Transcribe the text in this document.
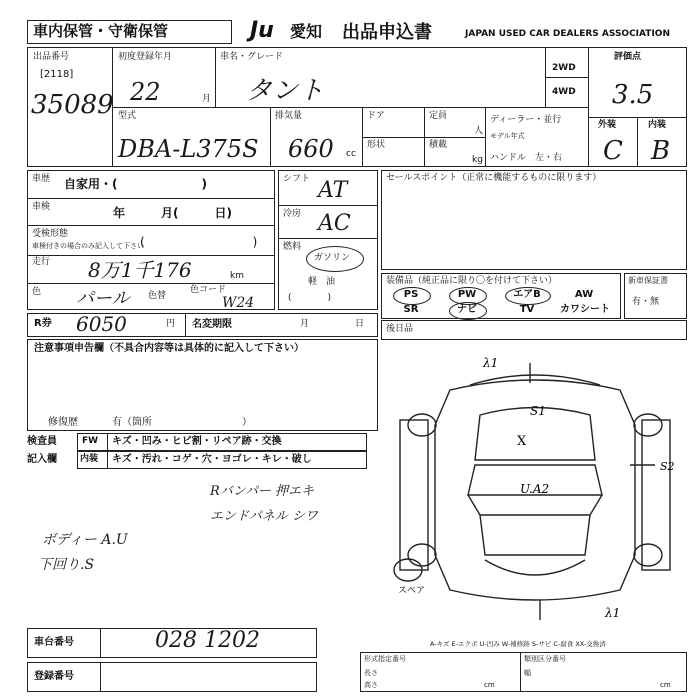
車内保管・守衛保管	Ju 愛知 出品申込書	JAPAN USED CAR DEALERS ASSOCIATION
出品番号
[2118]
35089
初度登録年月
22	月
車名・グレード
タント
2WD
4WD
評価点
3.5
型式
DBA-L375S
排気量
660 cc
ドア
形状
定員
人
積載
kg
ディーラー・並行
モデル年式
ハンドル　左・右
外装	内装
C B
車歴 自家用・(　　　　　　　)
車検	年　　　月(　　　日)
受検形態
車検付きの場合のみ記入して下さい
(　　　　　　　　　)
走行 8万1千176	km
色 パール 色替
色コード
W24
シフト AT
冷房 AC
燃料
ガソリン
軽　油
(　　　　)
セールスポイント（正常に機能するものに限ります）
装備品（純正品に限り〇を付けて下さい）
PS	PW	エアB	AW
SR	ナビ	TV	カワシート
新車保証書
有・無
R券 6050	円 名変期限	月	日 後日品
注意事項申告欄（不具合内容等は具体的に記入して下さい）
修復歴	有（箇所　　　　　　　　　）
検査員
記入欄
FW キズ・凹み・ヒビ割・リペア跡・交換
内装 キズ・汚れ・コゲ・穴・ヨゴレ・キレ・破し
Rバンパー 押エキ
エンドパネル シワ
ボディー A.U
下回り.S
λ1
S1
X
U.A2
S2
スペア
λ1
A-キズ E-エクボ U-凹み W-補修跡 S-サビ C-腐食 XX-交換済
車台番号	028 1202
登録番号
形式指定番号	類別区分番号
長さ	幅
高さ	cm	cm
